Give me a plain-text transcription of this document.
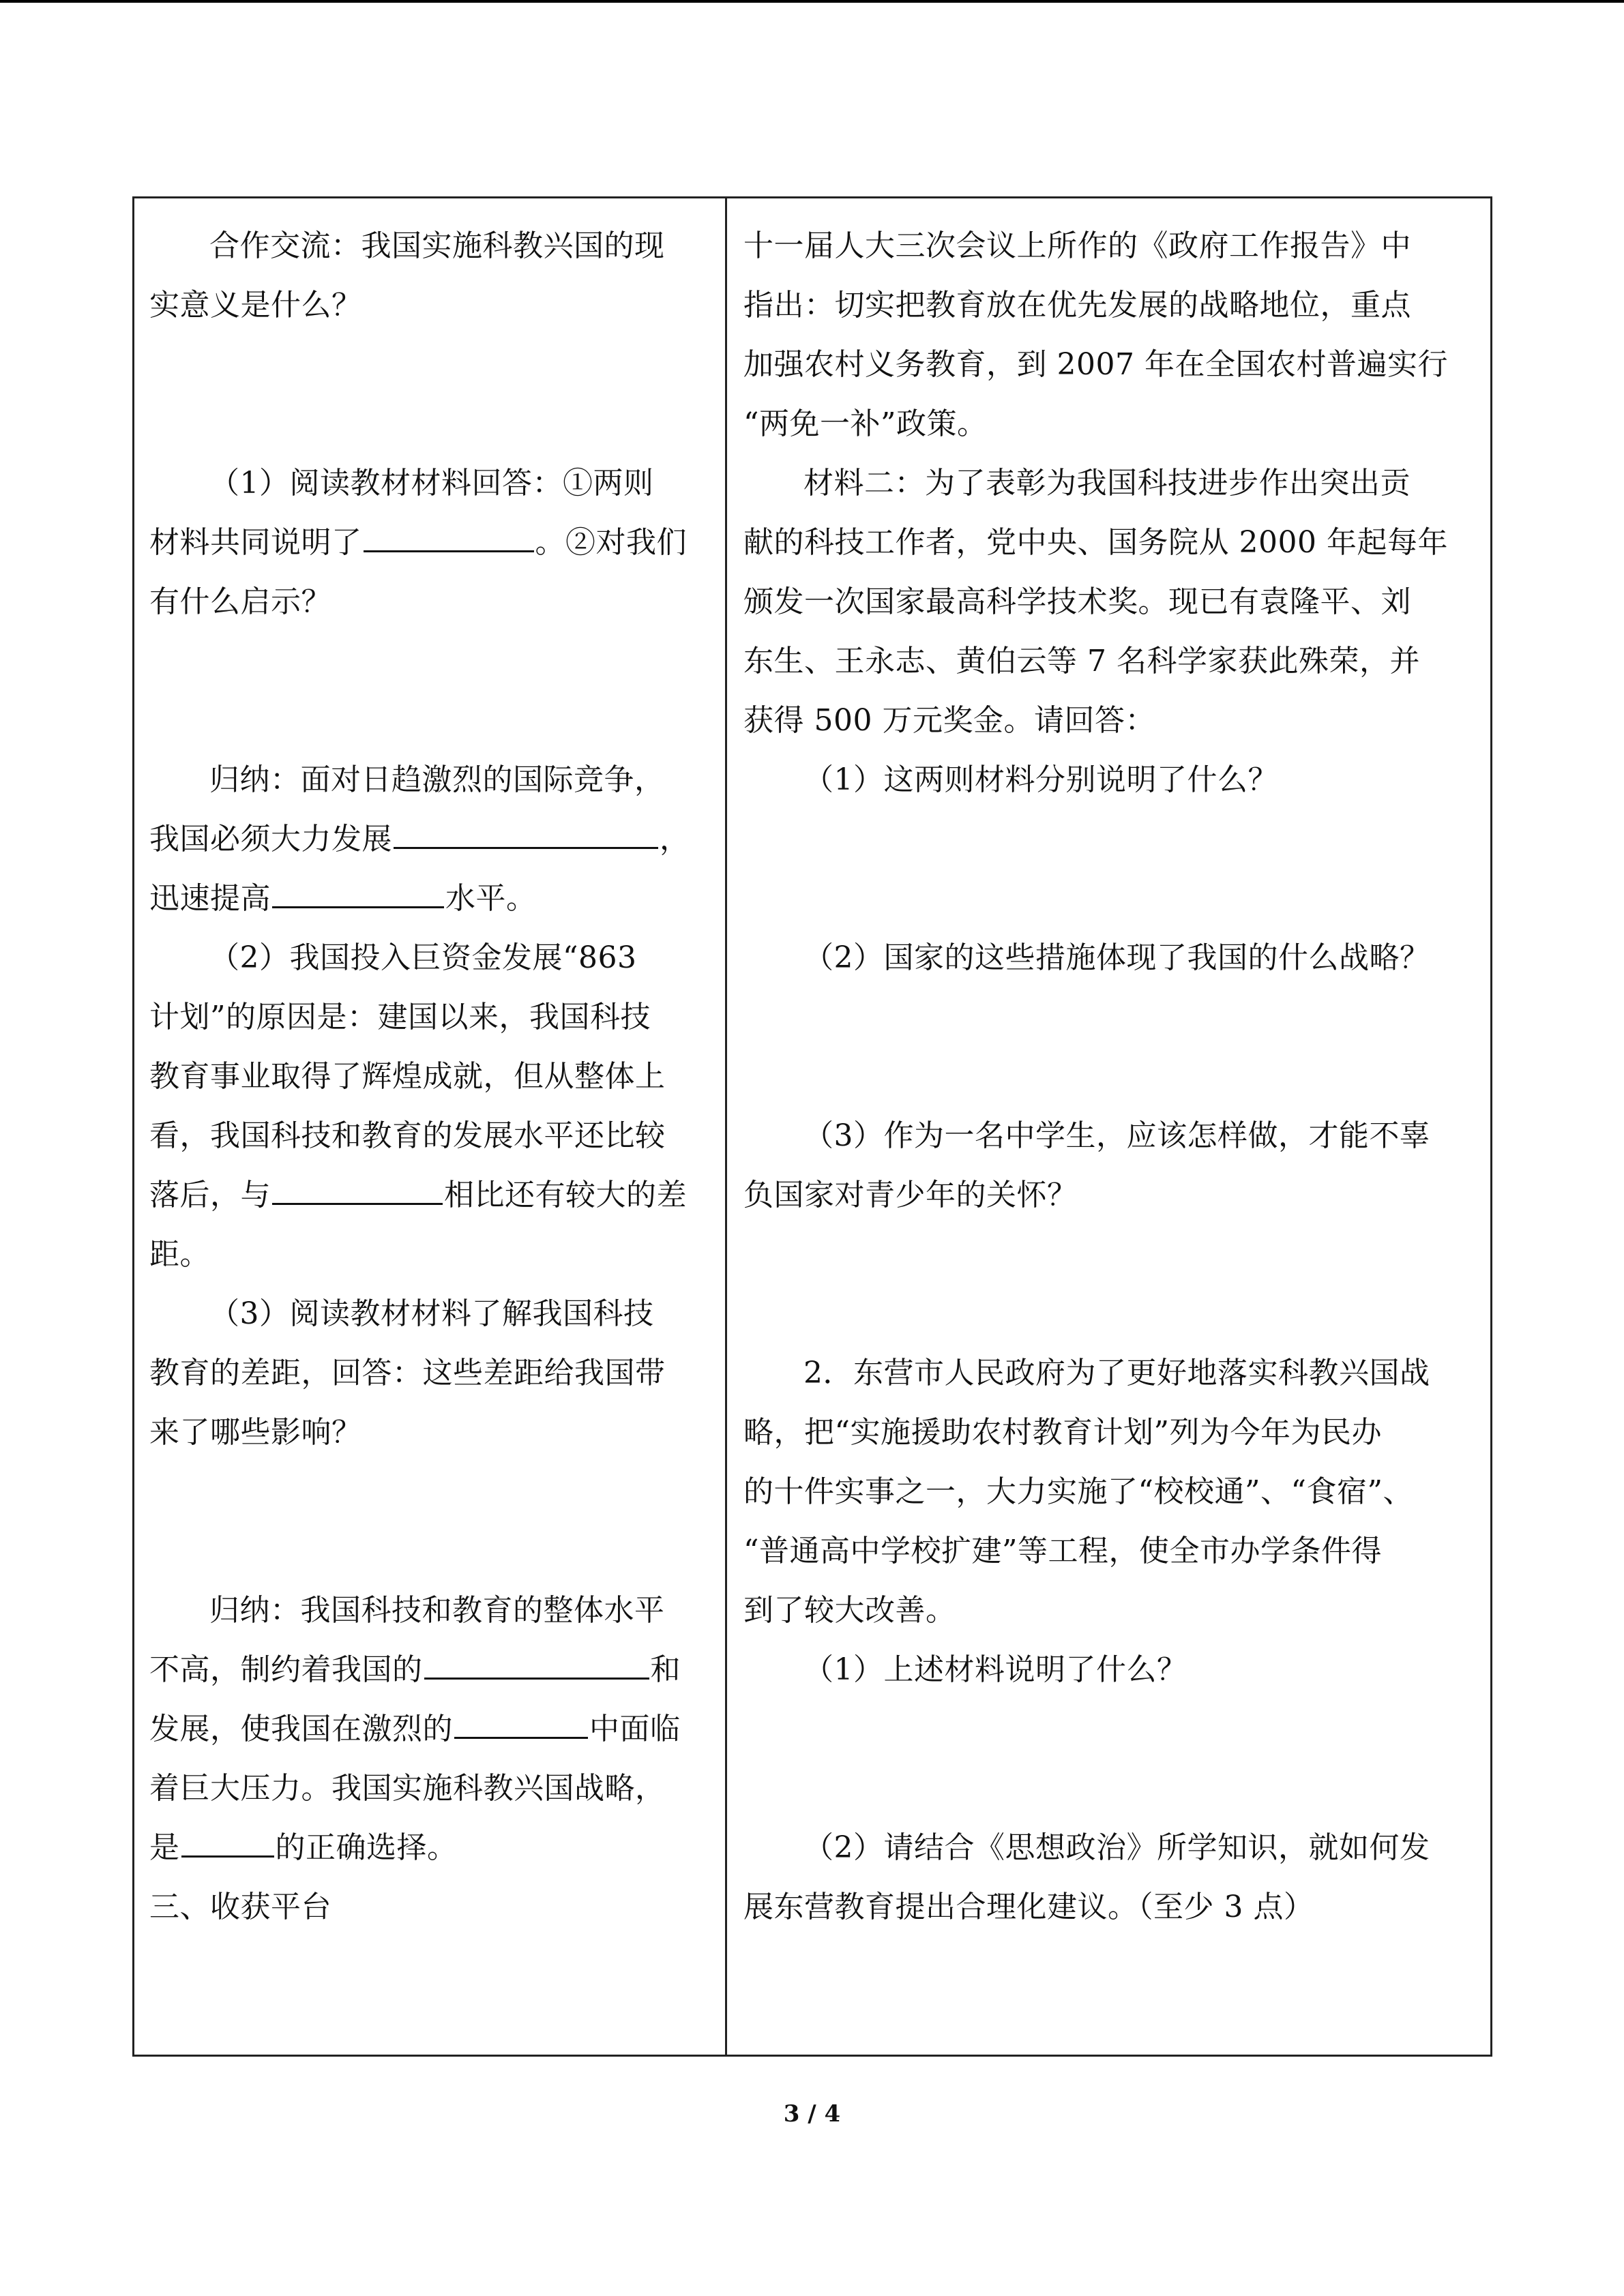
合作交流：我国实施科教兴国的现
实意义是什么？
（1）阅读教材材料回答：①两则
材料共同说明了	。②对我们
有什么启示？
归纳：面对日趋激烈的国际竞争，
我国必须大力发展	，
迅速提高	水平。
（2）我国投入巨资金发展“863
计划”的原因是：建国以来，我国科技
教育事业取得了辉煌成就，但从整体上
看，我国科技和教育的发展水平还比较
落后，与	相比还有较大的差
距。
（3）阅读教材材料了解我国科技
教育的差距，回答：这些差距给我国带
来了哪些影响？
归纳：我国科技和教育的整体水平
不高，制约着我国的	和
发展，使我国在激烈的	中面临
着巨大压力。我国实施科教兴国战略，
是	的正确选择。
三、收获平台
十一届人大三次会议上所作的《政府工作报告》中
指出：切实把教育放在优先发展的战略地位，重点
加强农村义务教育，到 2007 年在全国农村普遍实行
“两免一补”政策。
材料二：为了表彰为我国科技进步作出突出贡
献的科技工作者，党中央、国务院从 2000 年起每年
颁发一次国家最高科学技术奖。现已有袁隆平、刘
东生、王永志、黄伯云等 7 名科学家获此殊荣，并
获得 500 万元奖金。请回答：
（1）这两则材料分别说明了什么？
（2）国家的这些措施体现了我国的什么战略？
（3）作为一名中学生，应该怎样做，才能不辜
负国家对青少年的关怀？
2．东营市人民政府为了更好地落实科教兴国战
略，把“实施援助农村教育计划”列为今年为民办
的十件实事之一，大力实施了“校校通”、“食宿”、
“普通高中学校扩建”等工程，使全市办学条件得
到了较大改善。
（1）上述材料说明了什么？
（2）请结合《思想政治》所学知识，就如何发
展东营教育提出合理化建议。（至少 3 点）
3 / 4
